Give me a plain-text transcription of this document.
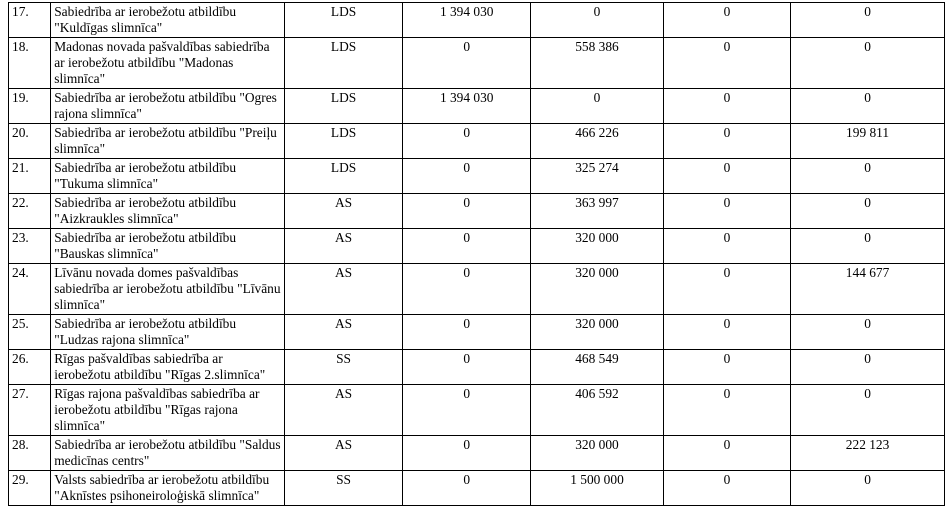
17.	Sabiedrība ar ierobežotu atbildību "Kuldīgas slimnīca"	LDS	1 394 030	0	0	0
18.	Madonas novada pašvaldības sabiedrība ar ierobežotu atbildību "Madonas slimnīca"	LDS	0	558 386	0	0
19.	Sabiedrība ar ierobežotu atbildību "Ogres rajona slimnīca"	LDS	1 394 030	0	0	0
20.	Sabiedrība ar ierobežotu atbildību "Preiļu slimnīca"	LDS	0	466 226	0	199 811
21.	Sabiedrība ar ierobežotu atbildību "Tukuma slimnīca"	LDS	0	325 274	0	0
22.	Sabiedrība ar ierobežotu atbildību "Aizkraukles slimnīca"	AS	0	363 997	0	0
23.	Sabiedrība ar ierobežotu atbildību "Bauskas slimnīca"	AS	0	320 000	0	0
24.	Līvānu novada domes pašvaldības sabiedrība ar ierobežotu atbildību "Līvānu slimnīca"	AS	0	320 000	0	144 677
25.	Sabiedrība ar ierobežotu atbildību "Ludzas rajona slimnīca"	AS	0	320 000	0	0
26.	Rīgas pašvaldības sabiedrība ar ierobežotu atbildību "Rīgas 2.slimnīca"	SS	0	468 549	0	0
27.	Rīgas rajona pašvaldības sabiedrība ar ierobežotu atbildību "Rīgas rajona slimnīca"	AS	0	406 592	0	0
28.	Sabiedrība ar ierobežotu atbildību "Saldus medicīnas centrs"	AS	0	320 000	0	222 123
29.	Valsts sabiedrība ar ierobežotu atbildību "Aknīstes psihoneiroloģiskā slimnīca"	SS	0	1 500 000	0	0
